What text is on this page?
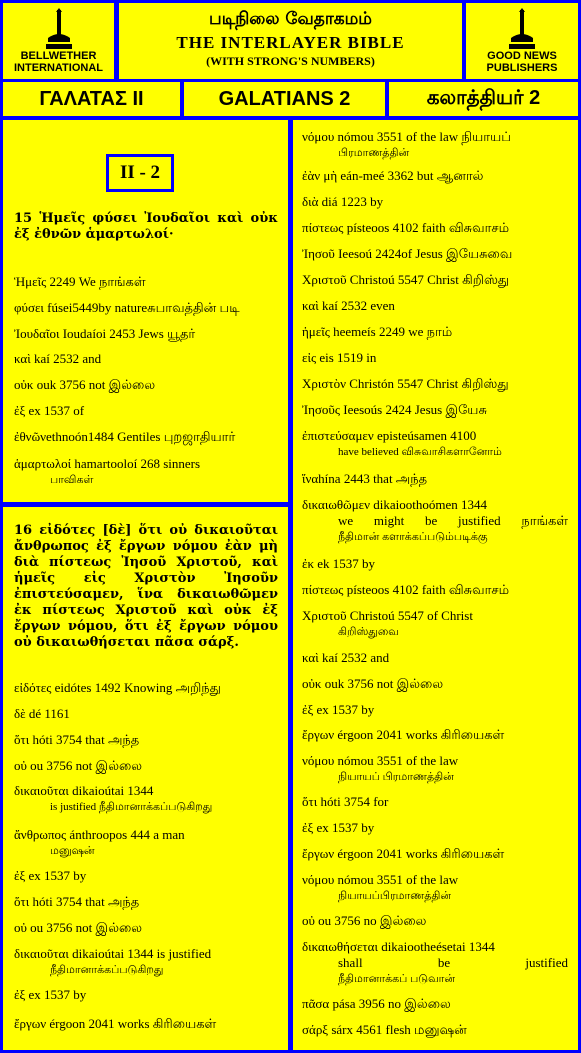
BELLWETHER INTERNATIONAL
படிநிலை வேதாகமம்
THE INTERLAYER BIBLE
(WITH STRONG'S NUMBERS)	GOOD NEWS PUBLISHERS
ΓΑΛΑΤΑΣ ΙΙ	GALATIANS 2	கலாத்தியர் 2
II - 2
15 Ἡμεῖς φύσει Ἰουδαῖοι καὶ οὐκ ἐξ ἐθνῶν ἁμαρτωλοί·
16 εἰδότες [δὲ] ὅτι οὐ δικαιοῦται ἄνθρωπος ἐξ ἔργων νόμου ἐὰν μὴ διὰ πίστεως Ἰησοῦ Χριστοῦ, καὶ ἡμεῖς εἰς Χριστὸν Ἰησοῦν ἐπιστεύσαμεν, ἵνα δικαιωθῶμεν ἐκ πίστεως Χριστοῦ καὶ οὐκ ἐξ ἔργων νόμου, ὅτι ἐξ ἔργων νόμου οὐ δικαιωθήσεται πᾶσα σάρξ.
Ἡμεῖς 2249 We நாங்கள்
φύσει fúsei5449by natureசுபாவத்தின் படி
Ἰουδαῖοι Ioudaíoi 2453 Jews யூதர்
καὶ kaí 2532 and
οὐκ ouk 3756 not இல்லை
ἐξ ex 1537 of
ἐθνῶνethnoón1484 Gentiles புறஜாதியார்
ἁμαρτωλοί hamartooloí 268 sinners
பாவிகள்
εἰδότες eidótes 1492 Knowing அறிந்து
δὲ dé 1161
ὅτι hóti 3754 that அந்த
οὐ ou 3756 not இல்லை
δικαιοῦται dikaioútai 1344
is justified நீதிமானாக்கப்படுகிறது
ἄνθρωπος ánthroopos 444 a man
மனுஷன்
ἐξ ex 1537 by
ὅτι hóti 3754 that அந்த
οὐ ou 3756 not இல்லை
δικαιοῦται dikaioútai 1344 is justified
நீதிமானாக்கப்படுகிறது
ἐξ ex 1537 by
ἔργων érgoon 2041 works கிரியைகள்
νόμου nómou 3551 of the law நியாயப்
பிரமாணத்தின்
ἐὰν μὴ eán-meé 3362 but ஆனால்
διὰ diá 1223 by
πίστεως písteoos 4102 faith விசுவாசம்
Ἰησοῦ Ieesoú 2424of Jesus இயேசுவை
Χριστοῦ Christoú 5547 Christ கிறிஸ்து
καὶ kaí 2532 even
ἡμεῖς heemeís 2249 we நாம்
εἰς eis 1519 in
Χριστὸν Christón 5547 Christ கிறிஸ்து
Ἰησοῦς Ieesoús 2424 Jesus இயேசு
ἐπιστεύσαμεν episteúsamen 4100
have believed விசுவாசிகளானோம்
ἵναhína 2443 that அந்த
δικαιωθῶμεν dikaioothoómen 1344
we might be justified நாங்கள்
நீதிமான் களாக்கப்படும்படிக்கு
ἐκ ek 1537 by
πίστεως písteoos 4102 faith விசுவாசம்
Χριστοῦ Christoú 5547 of Christ
கிறிஸ்துவை
καὶ kaí 2532 and
οὐκ ouk 3756 not இல்லை
ἐξ ex 1537 by
ἔργων érgoon 2041 works கிரியைகள்
νόμου nómou 3551 of the law
நியாயப் பிரமாணத்தின்
ὅτι hóti 3754 for
ἐξ ex 1537 by
ἔργων érgoon 2041 works கிரியைகள்
νόμου nómou 3551 of the law
நியாயப்பிரமாணத்தின்
οὐ ou 3756 no இல்லை
δικαιωθήσεται dikaiootheésetai 1344
shall be justified
நீதிமானாக்கப் படுவான்
πᾶσα pása 3956 no இல்லை
σάρξ sárx 4561 flesh மனுஷன்
